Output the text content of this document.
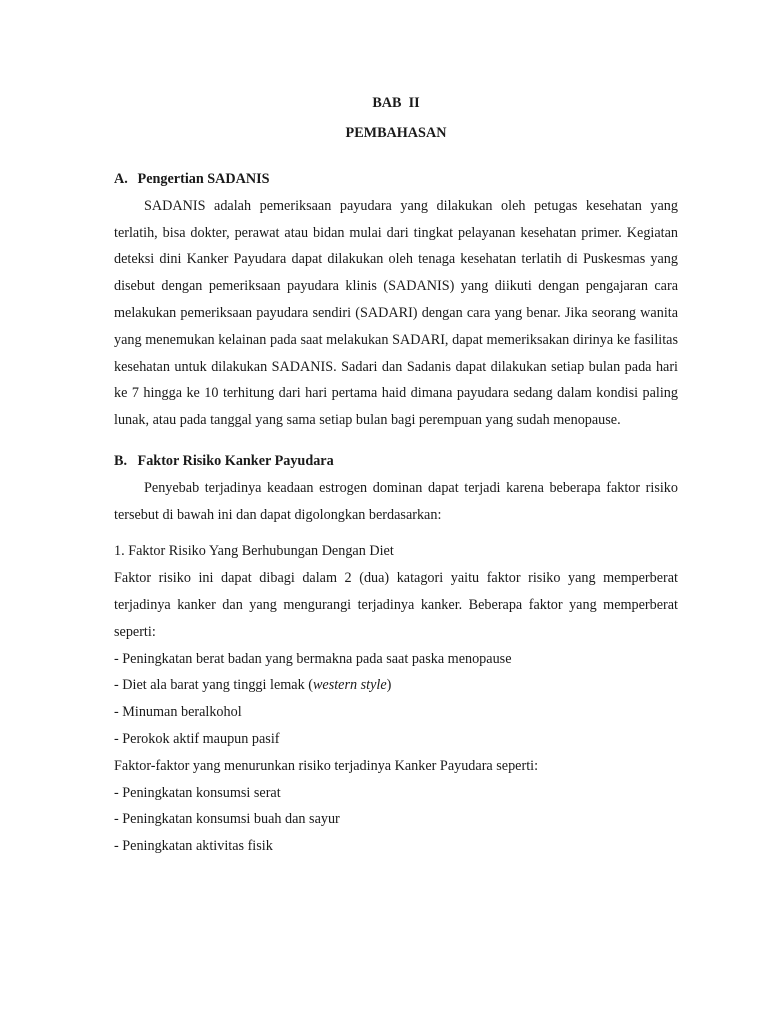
BAB  II
PEMBAHASAN

A. Pengertian SADANIS

SADANIS adalah pemeriksaan payudara yang dilakukan oleh petugas kesehatan yang terlatih, bisa dokter, perawat atau bidan mulai dari tingkat pelayanan kesehatan primer. Kegiatan deteksi dini Kanker Payudara dapat dilakukan oleh tenaga kesehatan terlatih di Puskesmas yang disebut dengan pemeriksaan payudara klinis (SADANIS) yang diikuti dengan pengajaran cara melakukan pemeriksaan payudara sendiri (SADARI) dengan cara yang benar. Jika seorang wanita yang menemukan kelainan pada saat melakukan SADARI, dapat memeriksakan dirinya ke fasilitas kesehatan untuk dilakukan SADANIS. Sadari dan Sadanis dapat dilakukan setiap bulan pada hari ke 7 hingga ke 10 terhitung dari hari pertama haid dimana payudara sedang dalam kondisi paling lunak, atau pada tanggal yang sama setiap bulan bagi perempuan yang sudah menopause.

B. Faktor Risiko Kanker Payudara

Penyebab terjadinya keadaan estrogen dominan dapat terjadi karena beberapa faktor risiko tersebut di bawah ini dan dapat digolongkan berdasarkan:

1. Faktor Risiko Yang Berhubungan Dengan Diet

Faktor risiko ini dapat dibagi dalam 2 (dua) katagori yaitu faktor risiko yang memperberat terjadinya kanker dan yang mengurangi terjadinya kanker. Beberapa faktor yang memperberat seperti:

- Peningkatan berat badan yang bermakna pada saat paska menopause

- Diet ala barat yang tinggi lemak (western style)

- Minuman beralkohol

- Perokok aktif maupun pasif

Faktor-faktor yang menurunkan risiko terjadinya Kanker Payudara seperti:

- Peningkatan konsumsi serat

- Peningkatan konsumsi buah dan sayur

- Peningkatan aktivitas fisik
